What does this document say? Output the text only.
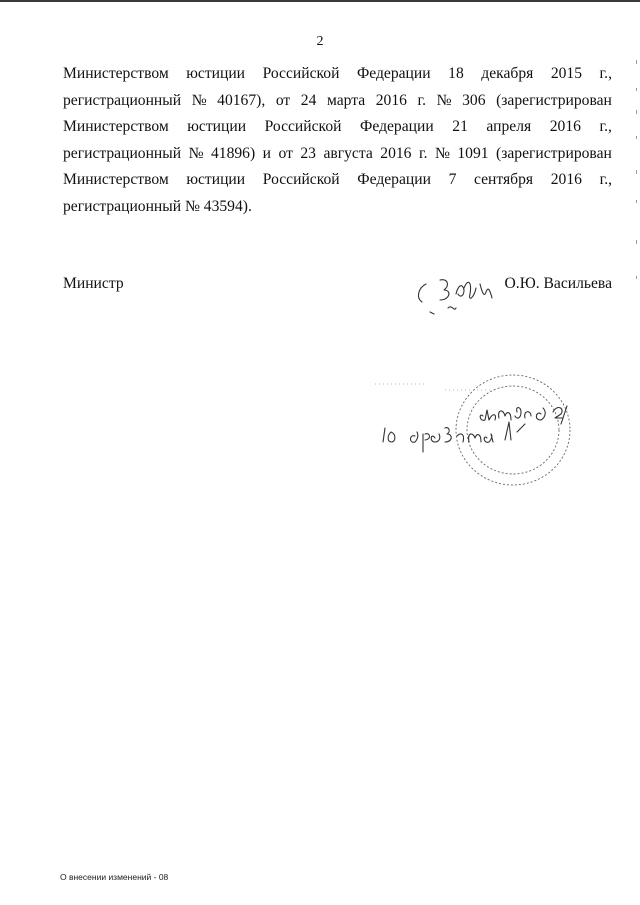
2
Министерством юстиции Российской Федерации 18 декабря 2015 г.,
регистрационный № 40167), от 24 марта 2016 г. № 306 (зарегистрирован
Министерством юстиции Российской Федерации 21 апреля 2016 г.,
регистрационный № 41896) и от 23 августа 2016 г. № 1091 (зарегистрирован
Министерством юстиции Российской Федерации 7 сентября 2016 г.,
регистрационный № 43594).
Министр	О.Ю. Васильева
О внесении изменений - 08
